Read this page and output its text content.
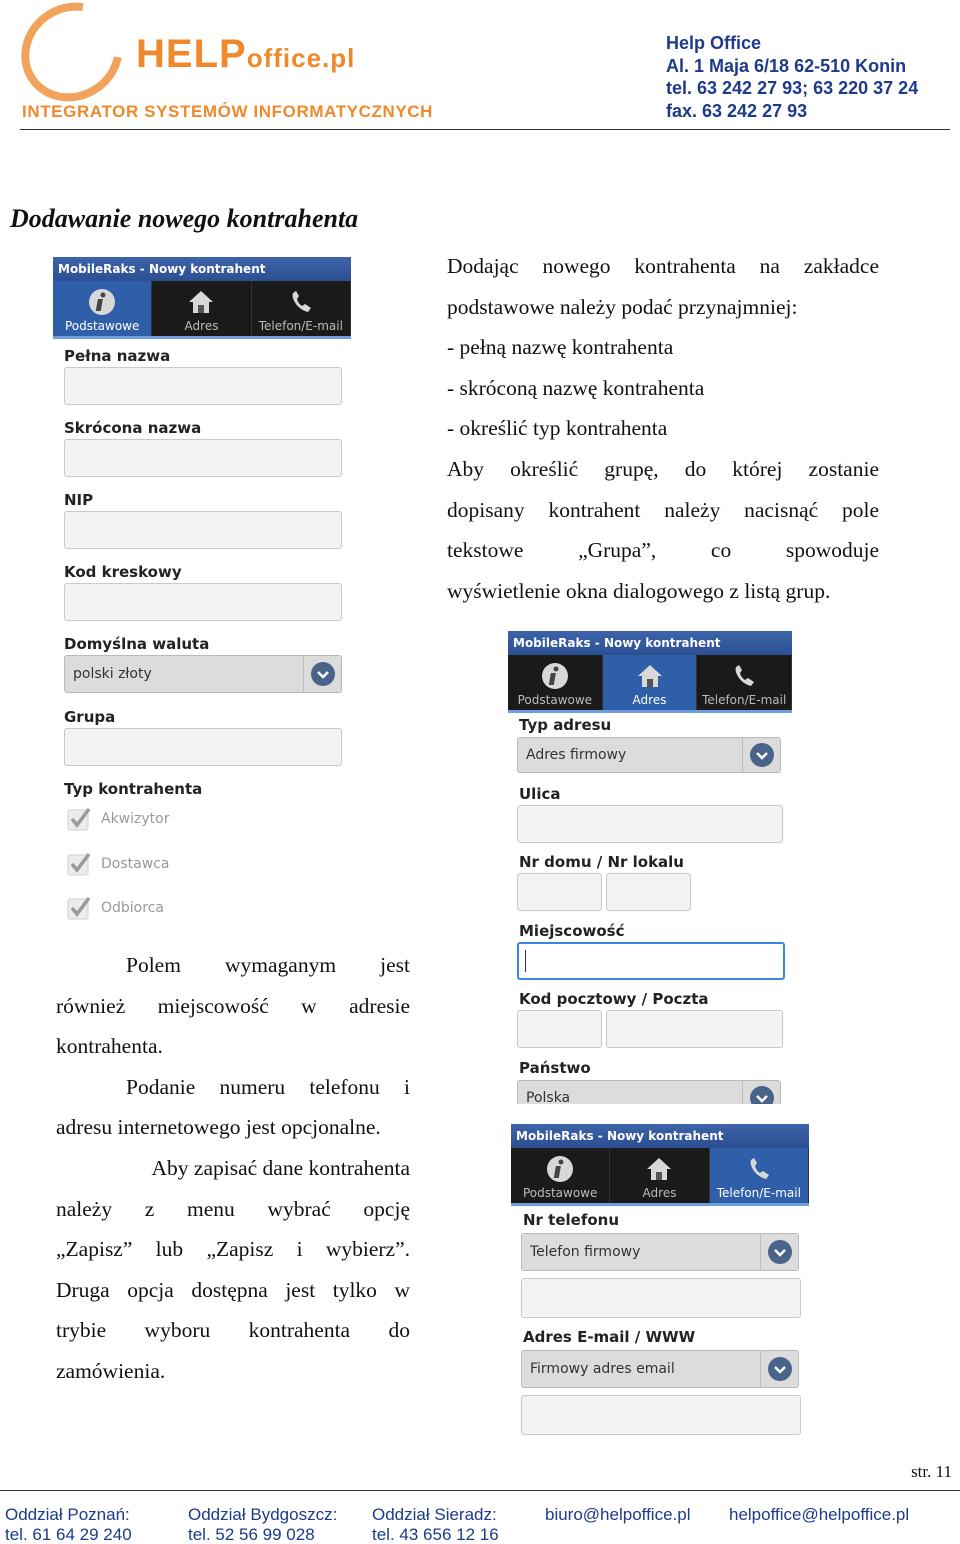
HELPoffice.pl
INTEGRATOR SYSTEMÓW INFORMATYCZNYCH
Help Office
Al. 1 Maja 6/18 62-510 Konin
tel. 63 242 27 93; 63 220 37 24
fax. 63 242 27 93
Dodawanie nowego kontrahenta
Dodając nowego kontrahenta na zakładce
podstawowe należy podać przynajmniej:
- pełną nazwę kontrahenta
- skróconą nazwę kontrahenta
- określić typ kontrahenta
Aby określić grupę, do której zostanie
dopisany kontrahent należy nacisnąć pole
tekstowe „Grupa”, co spowoduje
wyświetlenie okna dialogowego z listą grup.
Polem wymaganym jest
również miejscowość w adresie
kontrahenta.
Podanie numeru telefonu i
adresu internetowego jest opcjonalne.
Aby zapisać dane kontrahenta
należy z menu wybrać opcję
„Zapisz” lub „Zapisz i wybierz”.
Druga opcja dostępna jest tylko w
trybie wyboru kontrahenta do
zamówienia.
MobileRaks - Nowy kontrahent
Podstawowe	Adres	Telefon/E-mail
Pełna nazwa
Skrócona nazwa
NIP
Kod kreskowy
Domyślna waluta
polski złoty
Grupa
Typ kontrahenta
Akwizytor
Dostawca
Odbiorca
MobileRaks - Nowy kontrahent
Podstawowe	Adres	Telefon/E-mail
Typ adresu
Adres firmowy
Ulica
Nr domu / Nr lokalu
Miejscowość
Kod pocztowy / Poczta
Państwo
Polska
MobileRaks - Nowy kontrahent
Podstawowe	Adres	Telefon/E-mail
Nr telefonu
Telefon firmowy
Adres E-mail / WWW
Firmowy adres email
str. 11
Oddział Poznań:
tel. 61 64 29 240
Oddział Bydgoszcz:
tel. 52 56 99 028
Oddział Sieradz:
tel. 43 656 12 16
biuro@helpoffice.pl helpoffice@helpoffice.pl
